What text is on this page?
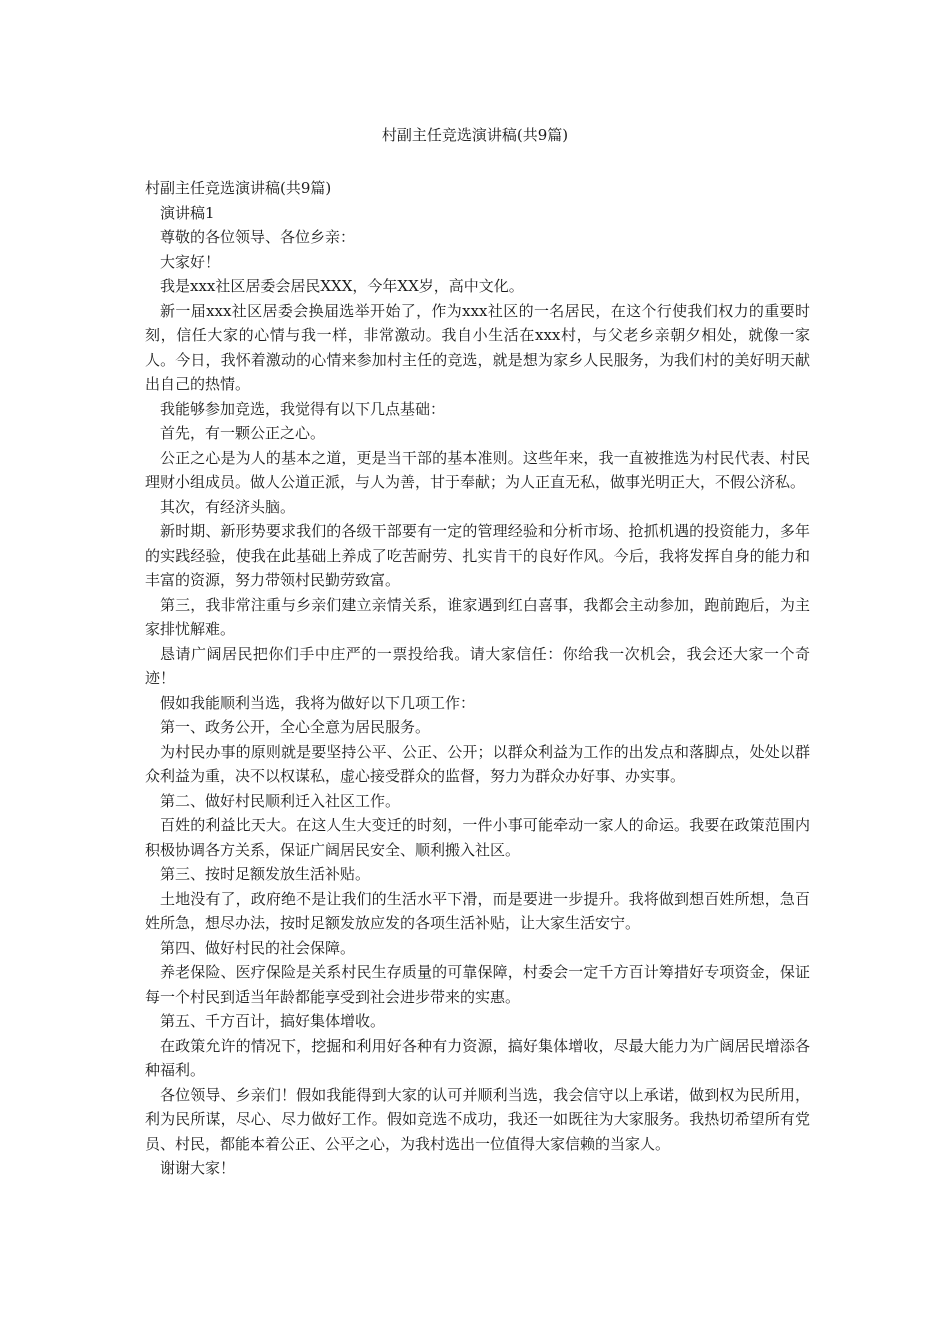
村副主任竞选演讲稿(共9篇)

村副主任竞选演讲稿(共9篇)

演讲稿1

尊敬的各位领导、各位乡亲：

大家好！

我是xxx社区居委会居民XXX，今年XX岁，高中文化。

新一届xxx社区居委会换届选举开始了，作为xxx社区的一名居民，在这个行使我们权力的重要时刻，信任大家的心情与我一样，非常激动。我自小生活在xxx村，与父老乡亲朝夕相处，就像一家人。今日，我怀着激动的心情来参加村主任的竞选，就是想为家乡人民服务，为我们村的美好明天献出自己的热情。

我能够参加竞选，我觉得有以下几点基础：

首先，有一颗公正之心。

公正之心是为人的基本之道，更是当干部的基本准则。这些年来，我一直被推选为村民代表、村民理财小组成员。做人公道正派，与人为善，甘于奉献；为人正直无私，做事光明正大，不假公济私。

其次，有经济头脑。

新时期、新形势要求我们的各级干部要有一定的管理经验和分析市场、抢抓机遇的投资能力，多年的实践经验，使我在此基础上养成了吃苦耐劳、扎实肯干的良好作风。今后，我将发挥自身的能力和丰富的资源，努力带领村民勤劳致富。

第三，我非常注重与乡亲们建立亲情关系，谁家遇到红白喜事，我都会主动参加，跑前跑后，为主家排忧解难。

恳请广阔居民把你们手中庄严的一票投给我。请大家信任：你给我一次机会，我会还大家一个奇迹！

假如我能顺利当选，我将为做好以下几项工作：

第一、政务公开，全心全意为居民服务。

为村民办事的原则就是要坚持公平、公正、公开；以群众利益为工作的出发点和落脚点，处处以群众利益为重，决不以权谋私，虚心接受群众的监督，努力为群众办好事、办实事。

第二、做好村民顺利迁入社区工作。

百姓的利益比天大。在这人生大变迁的时刻，一件小事可能牵动一家人的命运。我要在政策范围内积极协调各方关系，保证广阔居民安全、顺利搬入社区。

第三、按时足额发放生活补贴。

土地没有了，政府绝不是让我们的生活水平下滑，而是要进一步提升。我将做到想百姓所想，急百姓所急，想尽办法，按时足额发放应发的各项生活补贴，让大家生活安宁。

第四、做好村民的社会保障。

养老保险、医疗保险是关系村民生存质量的可靠保障，村委会一定千方百计筹措好专项资金，保证每一个村民到适当年龄都能享受到社会进步带来的实惠。

第五、千方百计，搞好集体增收。

在政策允许的情况下，挖掘和利用好各种有力资源，搞好集体增收，尽最大能力为广阔居民增添各种福利。

各位领导、乡亲们！假如我能得到大家的认可并顺利当选，我会信守以上承诺，做到权为民所用，利为民所谋，尽心、尽力做好工作。假如竞选不成功，我还一如既往为大家服务。我热切希望所有党员、村民，都能本着公正、公平之心，为我村选出一位值得大家信赖的当家人。

谢谢大家！
